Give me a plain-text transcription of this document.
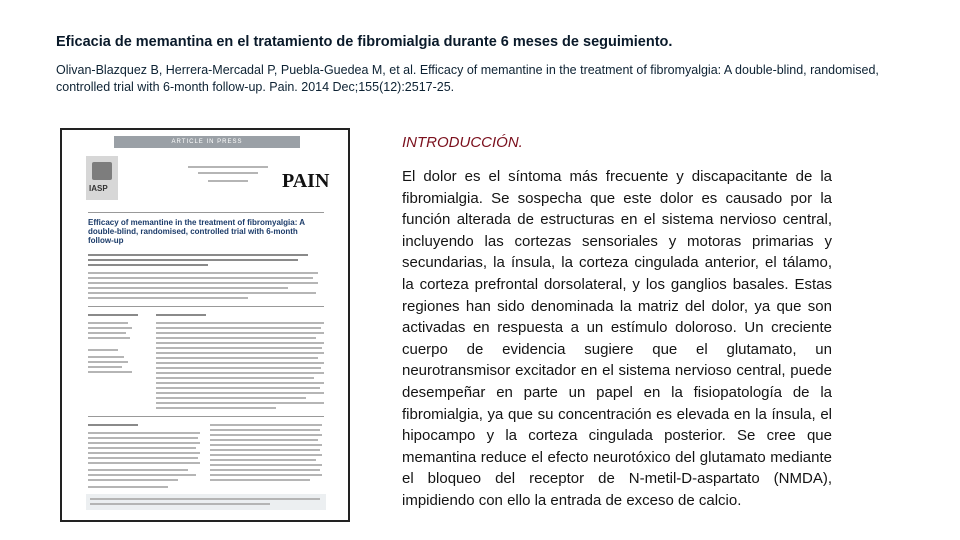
Eficacia de memantina en el tratamiento de fibromialgia durante 6 meses de seguimiento.
Olivan-Blazquez B, Herrera-Mercadal P, Puebla-Guedea M, et al. Efficacy of memantine in the treatment of fibromyalgia: A double-blind, randomised, controlled trial with 6-month follow-up. Pain. 2014 Dec;155(12):2517-25.
ARTICLE IN PRESS
IASP	PAIN
Efficacy of memantine in the treatment of fibromyalgia: A double-blind, randomised, controlled trial with 6-month follow-up
INTRODUCCIÓN.
El dolor es el síntoma más frecuente y discapacitante de la fibromialgia. Se sospecha que este dolor es causado por la función alterada de estructuras en el sistema nervioso central, incluyendo las cortezas sensoriales y motoras primarias y secundarias, la ínsula, la corteza cingulada anterior, el tálamo, la corteza prefrontal dorsolateral, y los ganglios basales. Estas regiones han sido denominada la matriz del dolor, ya que son activadas en respuesta a un estímulo doloroso. Un creciente cuerpo de evidencia sugiere que el glutamato, un neurotransmisor excitador en el sistema nervioso central, puede desempeñar en parte un papel en la fisiopatología de la fibromialgia, ya que su concentración es elevada en la ínsula, el hipocampo y la corteza cingulada posterior. Se cree que memantina reduce el efecto neurotóxico del glutamato mediante el bloqueo del receptor de N-metil-D-aspartato (NMDA), impidiendo con ello la entrada de exceso de calcio.
